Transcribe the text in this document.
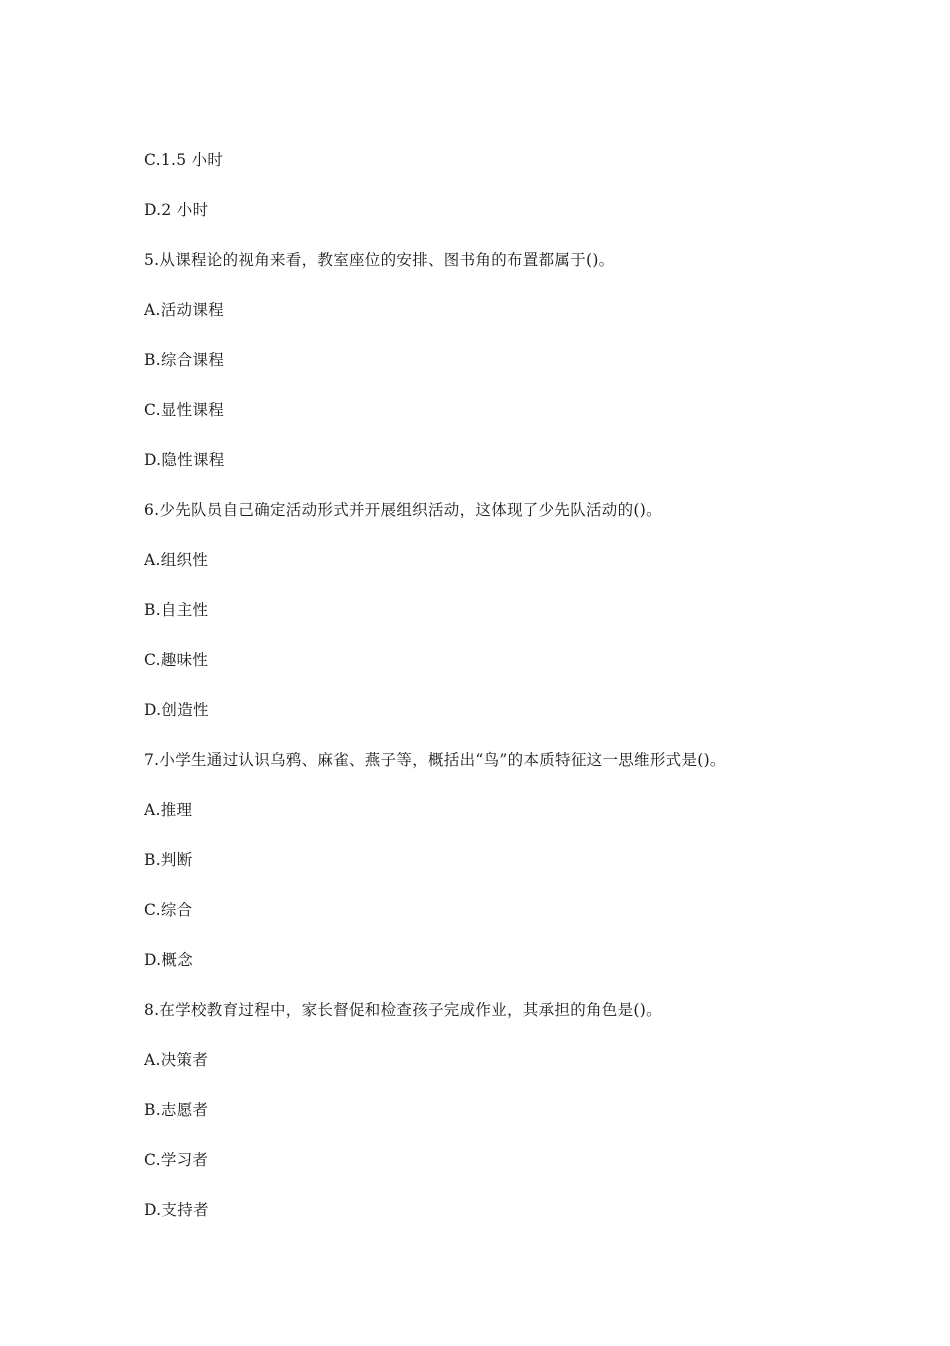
C.1.5 小时
D.2 小时
5.从课程论的视角来看，教室座位的安排、图书角的布置都属于()。
A.活动课程
B.综合课程
C.显性课程
D.隐性课程
6.少先队员自己确定活动形式并开展组织活动，这体现了少先队活动的()。
A.组织性
B.自主性
C.趣味性
D.创造性
7.小学生通过认识乌鸦、麻雀、燕子等，概括出“鸟”的本质特征这一思维形式是()。
A.推理
B.判断
C.综合
D.概念
8.在学校教育过程中，家长督促和检查孩子完成作业，其承担的角色是()。
A.决策者
B.志愿者
C.学习者
D.支持者
